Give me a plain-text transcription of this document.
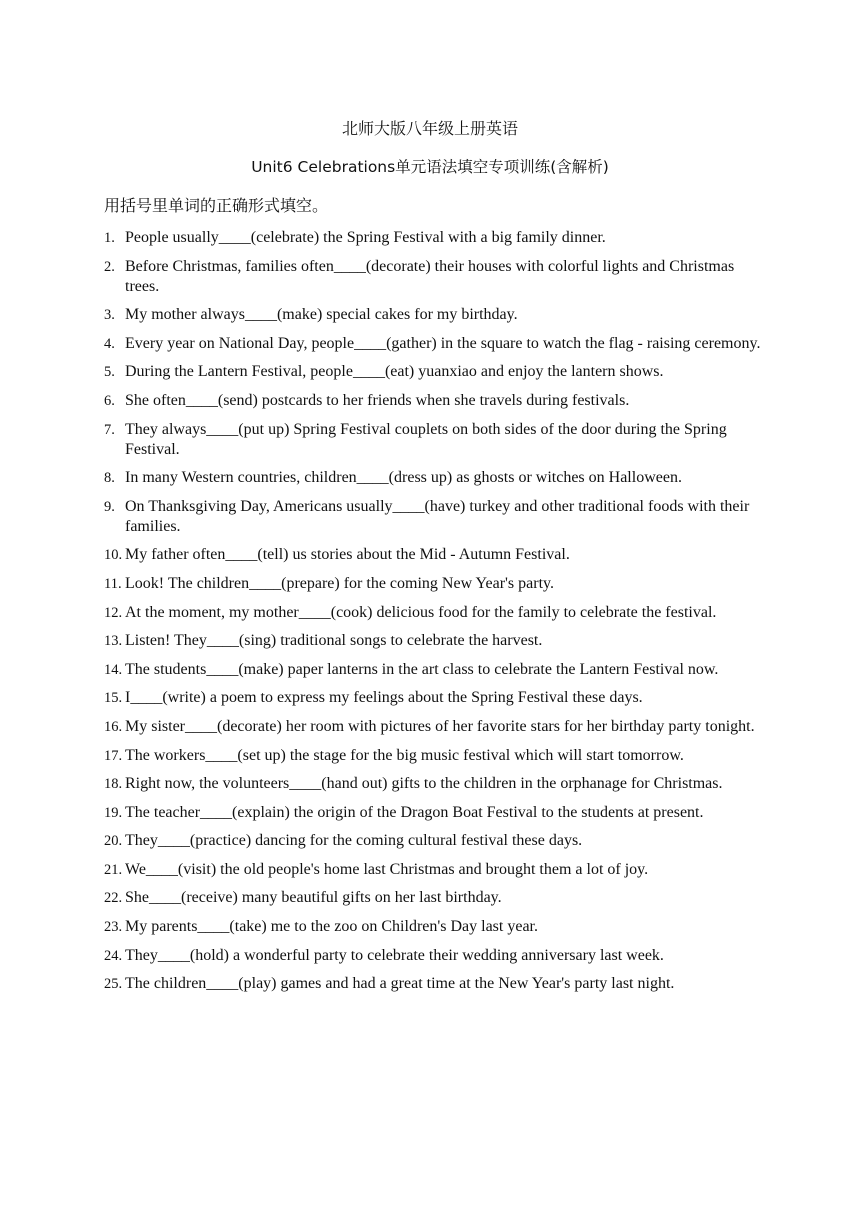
北师大版八年级上册英语
Unit6 Celebrations单元语法填空专项训练(含解析)
用括号里单词的正确形式填空。
1. People usually____(celebrate) the Spring Festival with a big family dinner.
2. Before Christmas, families often____(decorate) their houses with colorful lights and Christmas trees.
3. My mother always____(make) special cakes for my birthday.
4. Every year on National Day, people____(gather) in the square to watch the flag - raising ceremony.
5. During the Lantern Festival, people____(eat) yuanxiao and enjoy the lantern shows.
6. She often____(send) postcards to her friends when she travels during festivals.
7. They always____(put up) Spring Festival couplets on both sides of the door during the Spring Festival.
8. In many Western countries, children____(dress up) as ghosts or witches on Halloween.
9. On Thanksgiving Day, Americans usually____(have) turkey and other traditional foods with their families.
10. My father often____(tell) us stories about the Mid - Autumn Festival.
11. Look! The children____(prepare) for the coming New Year's party.
12. At the moment, my mother____(cook) delicious food for the family to celebrate the festival.
13. Listen! They____(sing) traditional songs to celebrate the harvest.
14. The students____(make) paper lanterns in the art class to celebrate the Lantern Festival now.
15. I____(write) a poem to express my feelings about the Spring Festival these days.
16. My sister____(decorate) her room with pictures of her favorite stars for her birthday party tonight.
17. The workers____(set up) the stage for the big music festival which will start tomorrow.
18. Right now, the volunteers____(hand out) gifts to the children in the orphanage for Christmas.
19. The teacher____(explain) the origin of the Dragon Boat Festival to the students at present.
20. They____(practice) dancing for the coming cultural festival these days.
21. We____(visit) the old people's home last Christmas and brought them a lot of joy.
22. She____(receive) many beautiful gifts on her last birthday.
23. My parents____(take) me to the zoo on Children's Day last year.
24. They____(hold) a wonderful party to celebrate their wedding anniversary last week.
25. The children____(play) games and had a great time at the New Year's party last night.
